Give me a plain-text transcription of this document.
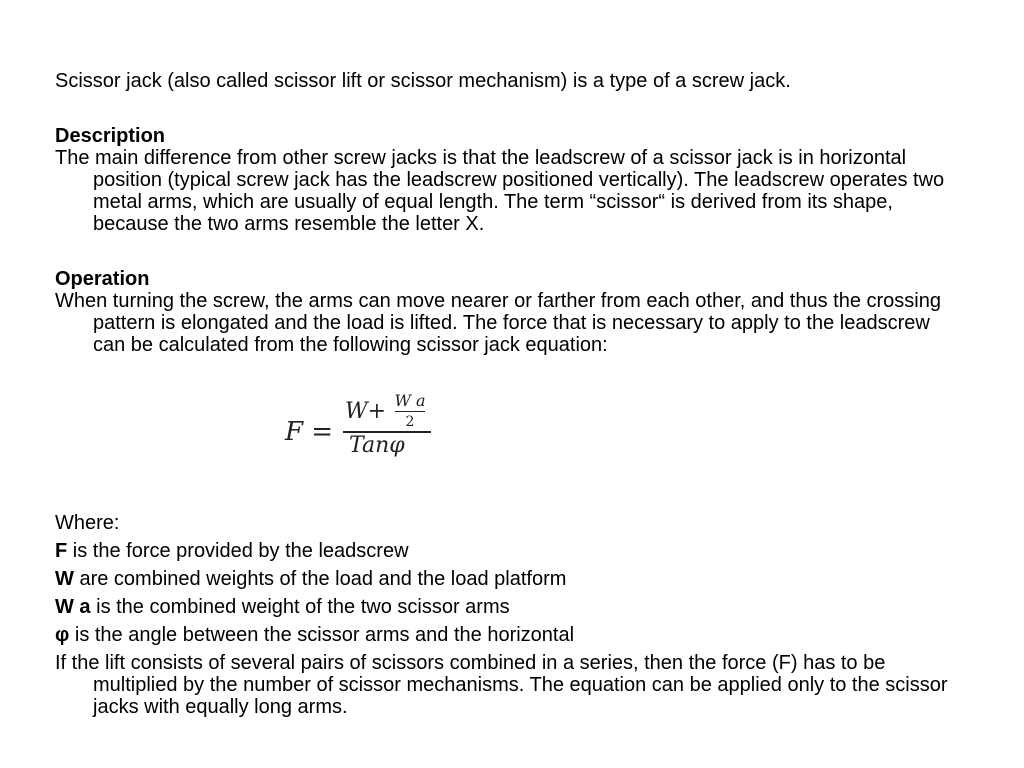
Scissor jack (also called scissor lift or scissor mechanism) is a type of a screw jack.

Description

The main difference from other screw jacks is that the leadscrew of a scissor jack is in horizontal position (typical screw jack has the leadscrew positioned vertically). The leadscrew operates two metal arms, which are usually of equal length. The term “scissor“ is derived from its shape, because the two arms resemble the letter X.

Operation

When turning the screw, the arms can move nearer or farther from each other, and thus the crossing pattern is elongated and the load is lifted. The force that is necessary to apply to the leadscrew can be calculated from the following scissor jack equation:

F =
W+ W a
2
Tanφ

Where:

F is the force provided by the leadscrew

W are combined weights of the load and the load platform

W a is the combined weight of the two scissor arms

φ is the angle between the scissor arms and the horizontal

If the lift consists of several pairs of scissors combined in a series, then the force (F) has to be multiplied by the number of scissor mechanisms. The equation can be applied only to the scissor jacks with equally long arms.
